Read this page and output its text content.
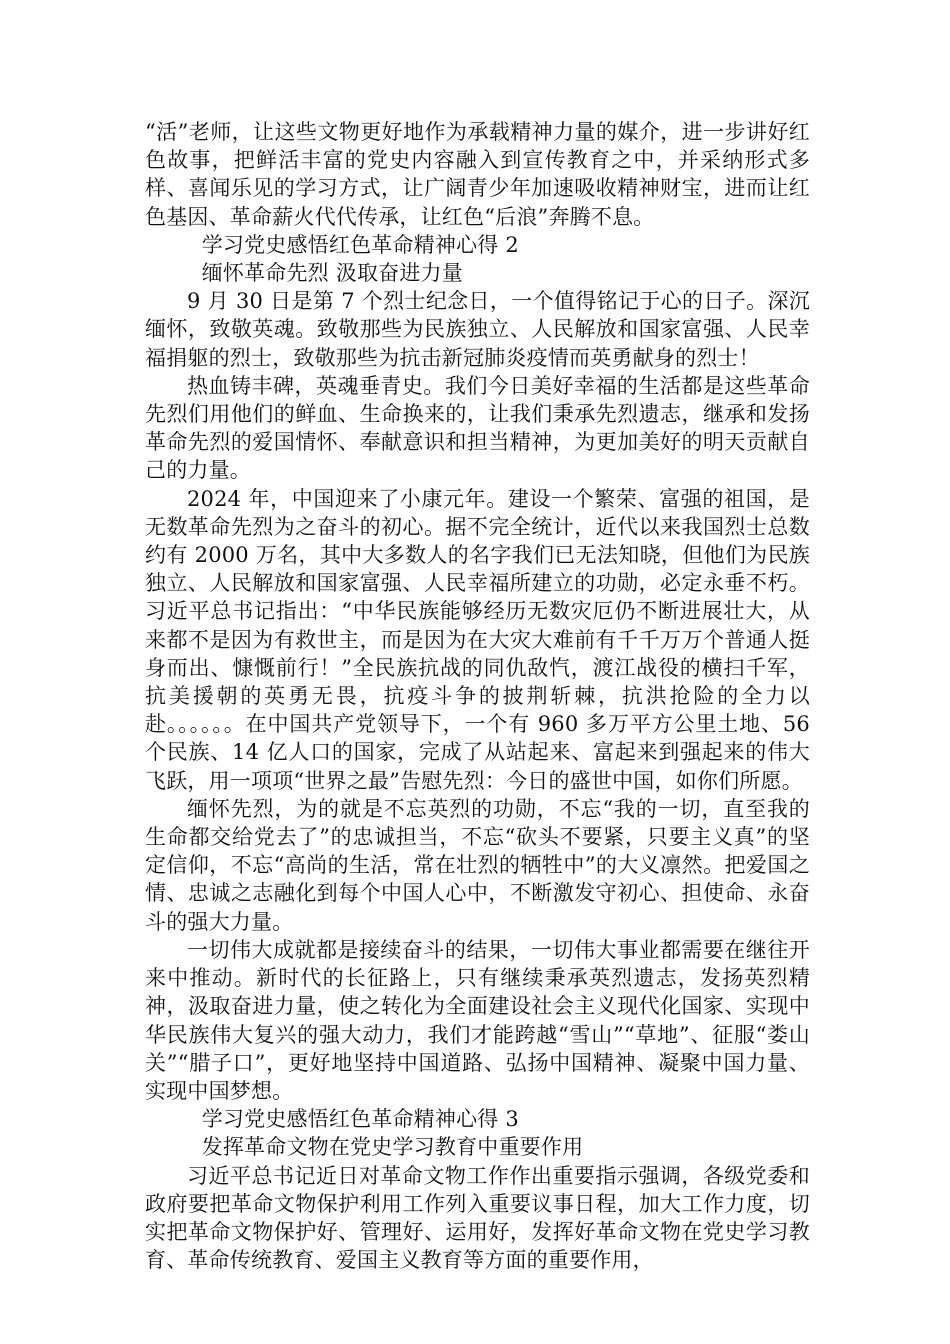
“活”老师，让这些文物更好地作为承载精神力量的媒介，进一步讲好红色故事，把鲜活丰富的党史内容融入到宣传教育之中，并采纳形式多样、喜闻乐见的学习方式，让广阔青少年加速吸收精神财宝，进而让红色基因、革命薪火代代传承，让红色“后浪”奔腾不息。

学习党史感悟红色革命精神心得 2

缅怀革命先烈 汲取奋进力量

9 月 30 日是第 7 个烈士纪念日，一个值得铭记于心的日子。深沉缅怀，致敬英魂。致敬那些为民族独立、人民解放和国家富强、人民幸福捐躯的烈士，致敬那些为抗击新冠肺炎疫情而英勇献身的烈士！

热血铸丰碑，英魂垂青史。我们今日美好幸福的生活都是这些革命先烈们用他们的鲜血、生命换来的，让我们秉承先烈遗志，继承和发扬革命先烈的爱国情怀、奉献意识和担当精神，为更加美好的明天贡献自己的力量。

2024 年，中国迎来了小康元年。建设一个繁荣、富强的祖国，是无数革命先烈为之奋斗的初心。据不完全统计，近代以来我国烈士总数约有 2000 万名，其中大多数人的名字我们已无法知晓，但他们为民族独立、人民解放和国家富强、人民幸福所建立的功勋，必定永垂不朽。习近平总书记指出：“中华民族能够经历无数灾厄仍不断进展壮大，从来都不是因为有救世主，而是因为在大灾大难前有千千万万个普通人挺身而出、慷慨前行！”全民族抗战的同仇敌忾，渡江战役的横扫千军，抗美援朝的英勇无畏，抗疫斗争的披荆斩棘，抗洪抢险的全力以赴。。。。。。在中国共产党领导下，一个有 960 多万平方公里土地、56 个民族、14 亿人口的国家，完成了从站起来、富起来到强起来的伟大飞跃，用一项项“世界之最”告慰先烈：今日的盛世中国，如你们所愿。

缅怀先烈，为的就是不忘英烈的功勋，不忘“我的一切，直至我的生命都交给党去了”的忠诚担当，不忘“砍头不要紧，只要主义真”的坚定信仰，不忘“高尚的生活，常在壮烈的牺牲中”的大义凛然。把爱国之情、忠诚之志融化到每个中国人心中，不断激发守初心、担使命、永奋斗的强大力量。

一切伟大成就都是接续奋斗的结果，一切伟大事业都需要在继往开来中推动。新时代的长征路上，只有继续秉承英烈遗志，发扬英烈精神，汲取奋进力量，使之转化为全面建设社会主义现代化国家、实现中华民族伟大复兴的强大动力，我们才能跨越“雪山”“草地”、征服“娄山关”“腊子口”，更好地坚持中国道路、弘扬中国精神、凝聚中国力量、实现中国梦想。

学习党史感悟红色革命精神心得 3

发挥革命文物在党史学习教育中重要作用

习近平总书记近日对革命文物工作作出重要指示强调，各级党委和政府要把革命文物保护利用工作列入重要议事日程，加大工作力度，切实把革命文物保护好、管理好、运用好，发挥好革命文物在党史学习教育、革命传统教育、爱国主义教育等方面的重要作用，
